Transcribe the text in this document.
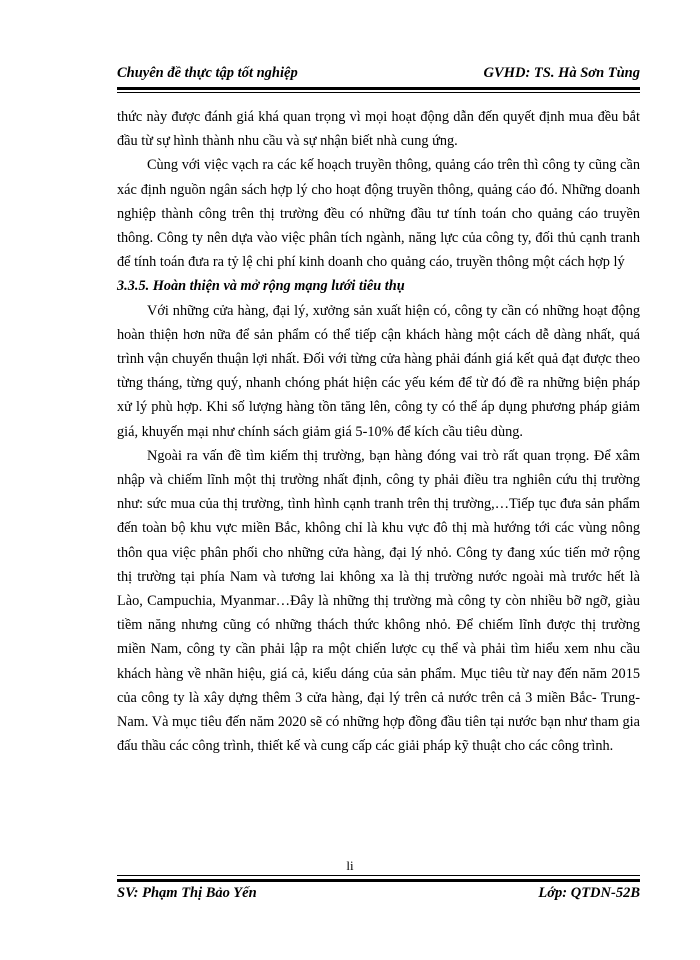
Chuyên đề thực tập tốt nghiệp	GVHD: TS. Hà Sơn Tùng

thức này được đánh giá khá quan trọng vì mọi hoạt động dẫn đến quyết định mua đều bắt đầu từ sự hình thành nhu cầu và sự nhận biết nhà cung ứng.

Cùng với việc vạch ra các kế hoạch truyền thông, quảng cáo trên thì công ty cũng cần xác định nguồn ngân sách hợp lý cho hoạt động truyền thông, quảng cáo đó. Những doanh nghiệp thành công trên thị trường đều có những đầu tư tính toán cho quảng cáo truyền thông. Công ty nên dựa vào việc phân tích ngành, năng lực của công ty, đối thủ cạnh tranh để tính toán đưa ra tỷ lệ chi phí kinh doanh cho quảng cáo, truyền thông một cách hợp lý

3.3.5. Hoàn thiện và mở rộng mạng lưới tiêu thụ

Với những cửa hàng, đại lý, xưởng sản xuất hiện có, công ty cần có những hoạt động hoàn thiện hơn nữa để sản phẩm có thể tiếp cận khách hàng một cách dễ dàng nhất, quá trình vận chuyển thuận lợi nhất. Đối với từng cửa hàng phải đánh giá kết quả đạt được theo từng tháng, từng quý, nhanh chóng phát hiện các yếu kém để từ đó đề ra những biện pháp xử lý phù hợp. Khi số lượng hàng tồn tăng lên, công ty có thể áp dụng phương pháp giảm giá, khuyến mại như chính sách giảm giá 5-10% để kích cầu tiêu dùng.

Ngoài ra vấn đề tìm kiếm thị trường, bạn hàng đóng vai trò rất quan trọng. Để xâm nhập và chiếm lĩnh một thị trường nhất định, công ty phải điều tra nghiên cứu thị trường như: sức mua của thị trường, tình hình cạnh tranh trên thị trường,…Tiếp tục đưa sản phẩm đến toàn bộ khu vực miền Bắc, không chỉ là khu vực đô thị mà hướng tới các vùng nông thôn qua việc phân phối cho những cửa hàng, đại lý nhỏ. Công ty đang xúc tiến mở rộng thị trường tại phía Nam và tương lai không xa là thị trường nước ngoài mà trước hết là Lào, Campuchia, Myanmar…Đây là những thị trường mà công ty còn nhiều bỡ ngỡ, giàu tiềm năng nhưng cũng có những thách thức không nhỏ. Để chiếm lĩnh được thị trường miền Nam, công ty cần phải lập ra một chiến lược cụ thể và phải tìm hiểu xem nhu cầu khách hàng về nhãn hiệu, giá cả, kiểu dáng của sản phẩm. Mục tiêu từ nay đến năm 2015 của công ty là xây dựng thêm 3 cửa hàng, đại lý trên cả nước trên cả 3 miền Bắc- Trung- Nam. Và mục tiêu đến năm 2020 sẽ có những hợp đồng đầu tiên tại nước bạn như tham gia đấu thầu các công trình, thiết kế và cung cấp các giải pháp kỹ thuật cho các công trình.

li
SV: Phạm Thị Bảo Yến	Lớp: QTDN-52B
